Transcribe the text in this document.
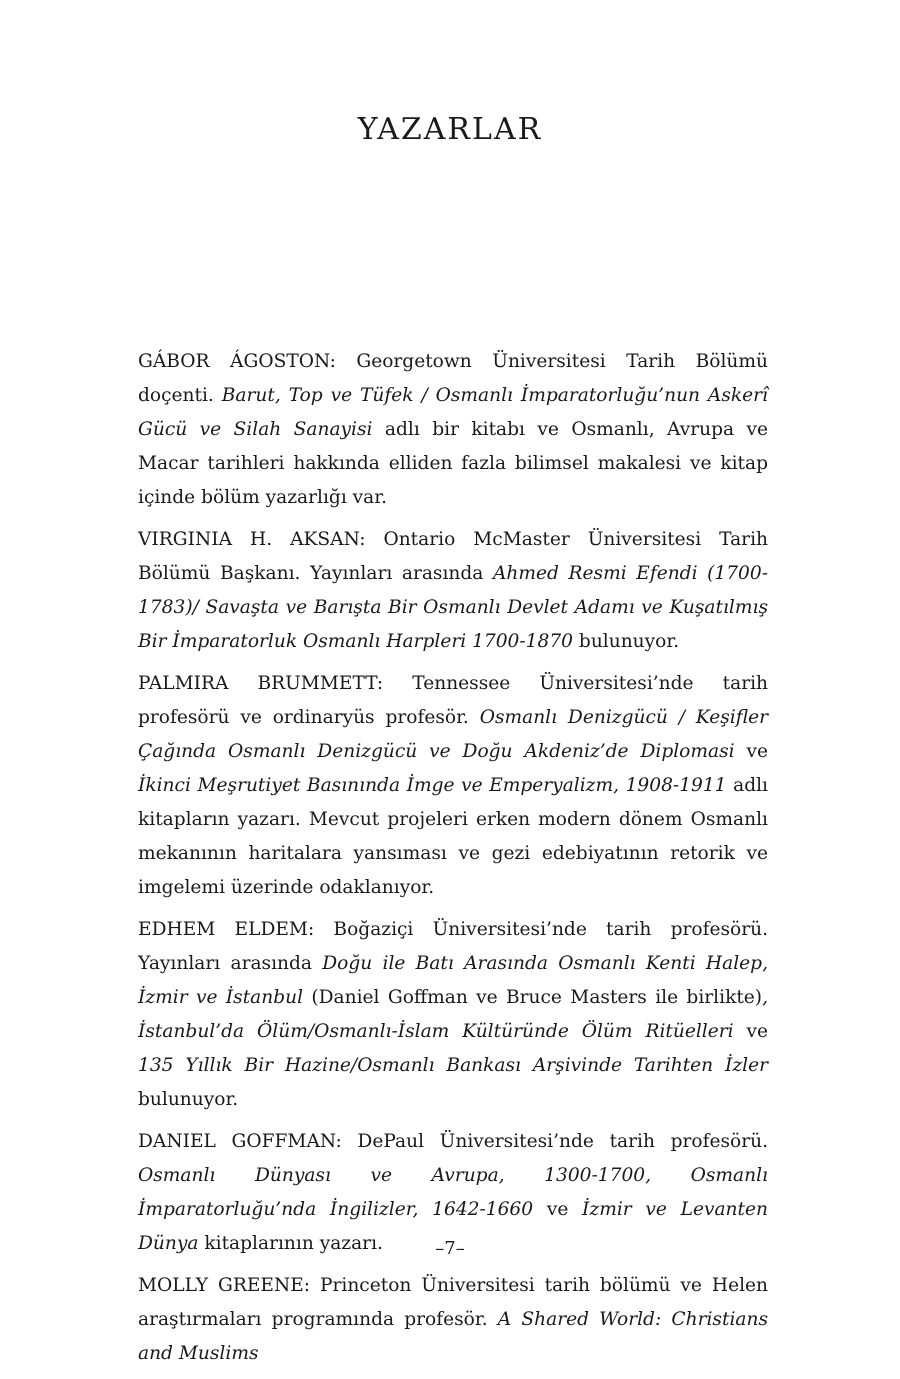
YAZARLAR

GÁBOR ÁGOSTON: Georgetown Üniversitesi Tarih Bölümü doçenti. Barut, Top ve Tüfek / Osmanlı İmparatorluğu’nun Askerî Gücü ve Silah Sanayisi adlı bir kitabı ve Osmanlı, Avrupa ve Macar tarihleri hakkında elliden fazla bilimsel makalesi ve kitap içinde bölüm yazarlığı var.

VIRGINIA H. AKSAN: Ontario McMaster Üniversitesi Tarih Bölümü Başkanı. Yayınları arasında Ahmed Resmi Efendi (1700-1783)/ Savaşta ve Barışta Bir Osmanlı Devlet Adamı ve Kuşatılmış Bir İmparatorluk Osmanlı Harpleri 1700-1870 bulunuyor.

PALMIRA BRUMMETT: Tennessee Üniversitesi’nde tarih profesörü ve ordinaryüs profesör. Osmanlı Denizgücü / Keşifler Çağında Osmanlı Denizgücü ve Doğu Akdeniz’de Diplomasi ve İkinci Meşrutiyet Basınında İmge ve Emperyalizm, 1908-1911 adlı kitapların yazarı. Mevcut projeleri erken modern dönem Osmanlı mekanının haritalara yansıması ve gezi edebiyatının retorik ve imgelemi üzerinde odaklanıyor.

EDHEM ELDEM: Boğaziçi Üniversitesi’nde tarih profesörü. Yayınları arasında Doğu ile Batı Arasında Osmanlı Kenti Halep, İzmir ve İstanbul (Daniel Goffman ve Bruce Masters ile birlikte), İstanbul’da Ölüm/Osmanlı-İslam Kültüründe Ölüm Ritüelleri ve 135 Yıllık Bir Hazine/Osmanlı Bankası Arşivinde Tarihten İzler bulunuyor.

DANIEL GOFFMAN: DePaul Üniversitesi’nde tarih profesörü. Osmanlı Dünyası ve Avrupa, 1300-1700, Osmanlı İmparatorluğu’nda İngilizler, 1642-1660 ve İzmir ve Levanten Dünya kitaplarının yazarı.

MOLLY GREENE: Princeton Üniversitesi tarih bölümü ve Helen araştırmaları programında profesör. A Shared World: Christians and Muslims

–7–
